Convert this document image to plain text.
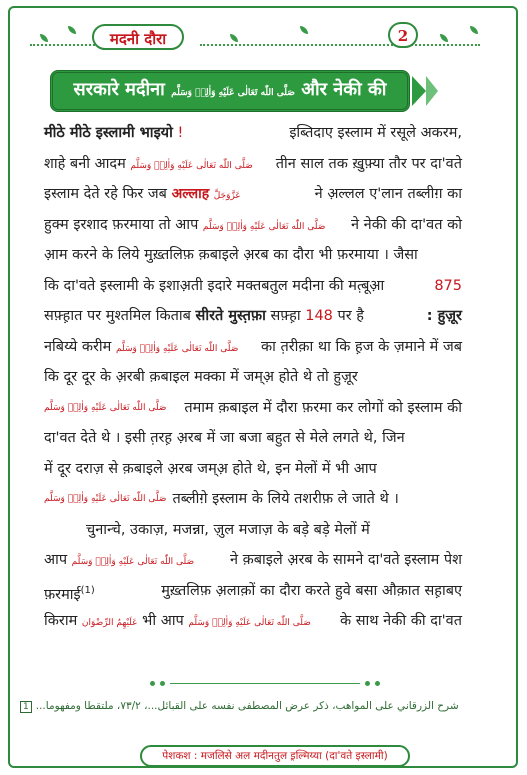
मदनी दौरा	2
सरकारे मदीना صَلَّى اللّٰه تَعَالٰی عَلَيْهِ وَاٰلِهٖ وَسَلَّم और नेकी की दा'वत
मीठे मीठे इस्लामी भाइयो !	इब्तिदाए इस्लाम में रसूले अकरम,
शाहे बनी आदम صَلَّى اللّٰه تَعَالٰی عَلَيْهِ وَاٰلِهٖ وَسَلَّم तीन साल तक ख़ुफ़्या तौर पर दा'वते
इस्लाम देते रहे फिर जब अल्लाह عَزَّوَجَلَّ	ने अ़ल्लल ए'लान तब्लीग़ का
हुक्म इरशाद फ़रमाया तो आप صَلَّى اللّٰه تَعَالٰی عَلَيْهِ وَاٰلِهٖ وَسَلَّم ने नेकी की दा'वत को
आ़म करने के लिये मुख़्तलिफ़ क़बाइले अ़रब का दौरा भी फ़रमाया । जैसा
कि दा'वते इस्लामी के इशाअ़ती इदारे मक्तबतुल मदीना की मत़्बूआ़	875
सफ़्ह़ात पर मुश्तमिल किताब सीरते मुस्त़फ़ा सफ़्ह़ा 148 पर है	: हुज़ूर
नबिय्ये करीम صَلَّى اللّٰه تَعَالٰی عَلَيْهِ وَاٰلِهٖ وَسَلَّم का त़रीक़ा था कि ह़ज के ज़माने में जब
कि दूर दूर के अ़रबी क़बाइल मक्का में जम्अ़ होते थे तो हुज़ूर
صَلَّى اللّٰه تَعَالٰی عَلَيْهِ وَاٰلِهٖ وَسَلَّم तमाम क़बाइल में दौरा फ़रमा कर लोगों को इस्लाम की
दा'वत देते थे । इसी त़रह़ अ़रब में जा बजा बहुत से मेले लगते थे, जिन
में दूर दराज़ से क़बाइले अ़रब जम्अ़ होते थे, इन मेलों में भी आप
صَلَّى اللّٰه تَعَالٰی عَلَيْهِ وَاٰلِهٖ وَسَلَّم तब्लीग़े इस्लाम के लिये तशरीफ़ ले जाते थे ।
चुनान्चे, उकाज़, मजन्ना, ज़ुल मजाज़ के बड़े बड़े मेलों में
आप صَلَّى اللّٰه تَعَالٰی عَلَيْهِ وَاٰلِهٖ وَسَلَّم ने क़बाइले अ़रब के सामने दा'वते इस्लाम पेश
फ़रमाई$^{(1)}$	मुख़्तलिफ़ अ़लाक़ों का दौरा करते हुवे बसा औक़ात सह़ाबए
किराम عَلَيْهِمُ الرِّضْوَان भी आप صَلَّى اللّٰه تَعَالٰی عَلَيْهِ وَاٰلِهٖ وَسَلَّم के साथ नेकी की दा'वत
1 ...شرح الزرقاني على المواهب، ذكر عرض المصطفى نفسه على القبائل...، ٧٣/٢، ملتقطا ومفهوما
पेशकश : मजलिसे अल मदीनतुल इ़ल्मिय्या (दा'वते इस्लामी)
